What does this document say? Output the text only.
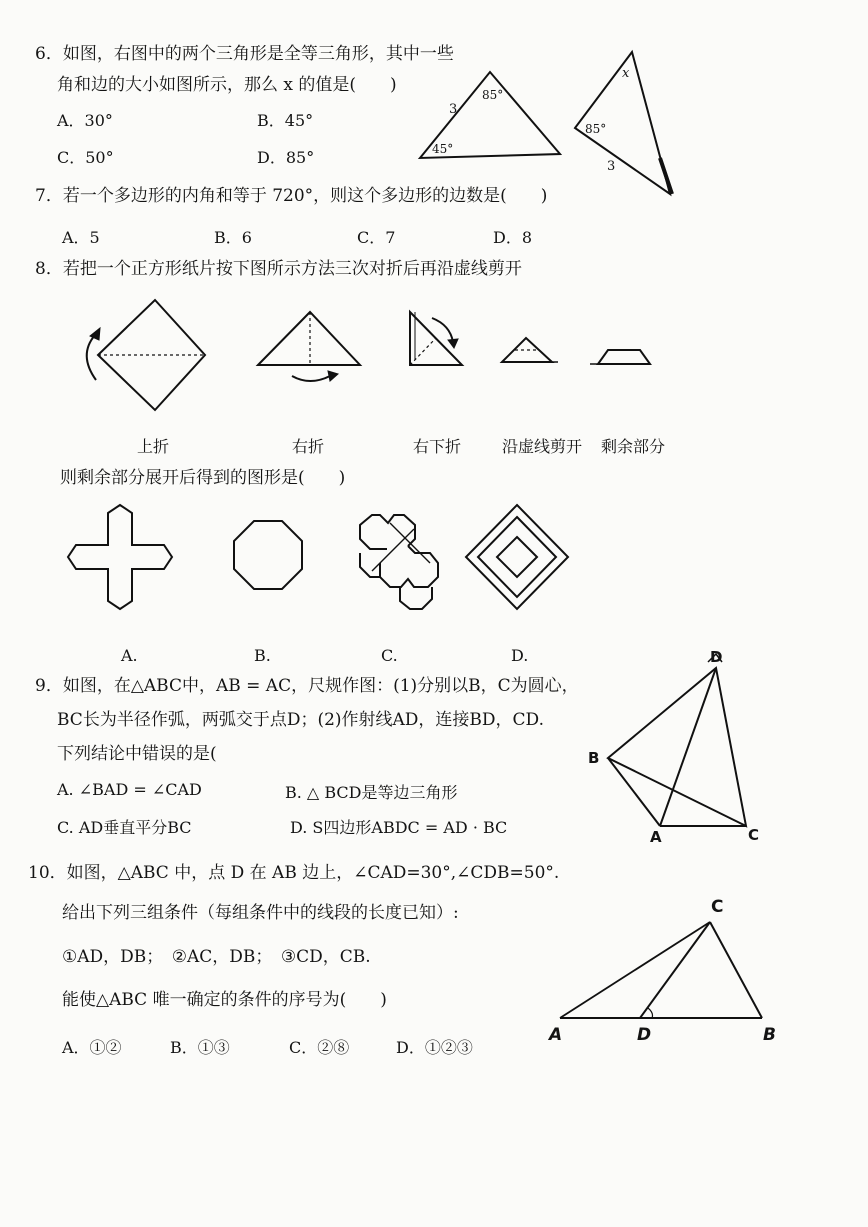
6．如图，右图中的两个三角形是全等三角形，其中一些
角和边的大小如图所示，那么 x 的值是(　　)
A．30°	B．45°
C．50°	D．85°
3
85°
45°
x
85°
3
7．若一个多边形的内角和等于 720°，则这个多边形的边数是(　　)
A．5	B．6	C．7	D．8
8．若把一个正方形纸片按下图所示方法三次对折后再沿虚线剪开
上折	右折	右下折	沿虚线剪开 剩余部分
则剩余部分展开后得到的图形是(　　)
A.	B.	C.	D.
9．如图，在△ABC中，AB = AC，尺规作图：(1)分别以B，C为圆心，
BC长为半径作弧，两弧交于点D；(2)作射线AD，连接BD，CD.
下列结论中错误的是(
A. ∠BAD = ∠CAD	B. △ BCD是等边三角形
C. AD垂直平分BC	D. S四边形ABDC = AD · BC
D
B
A	C
10．如图，△ABC 中，点 D 在 AB 边上，∠CAD=30°,∠CDB=50°.
给出下列三组条件（每组条件中的线段的长度已知）:
①AD，DB；　②AC，DB；　③CD，CB.
能使△ABC 唯一确定的条件的序号为(　　)
A．①②	B．①③	C．②⑧	D．①②③
C
A	D	B
